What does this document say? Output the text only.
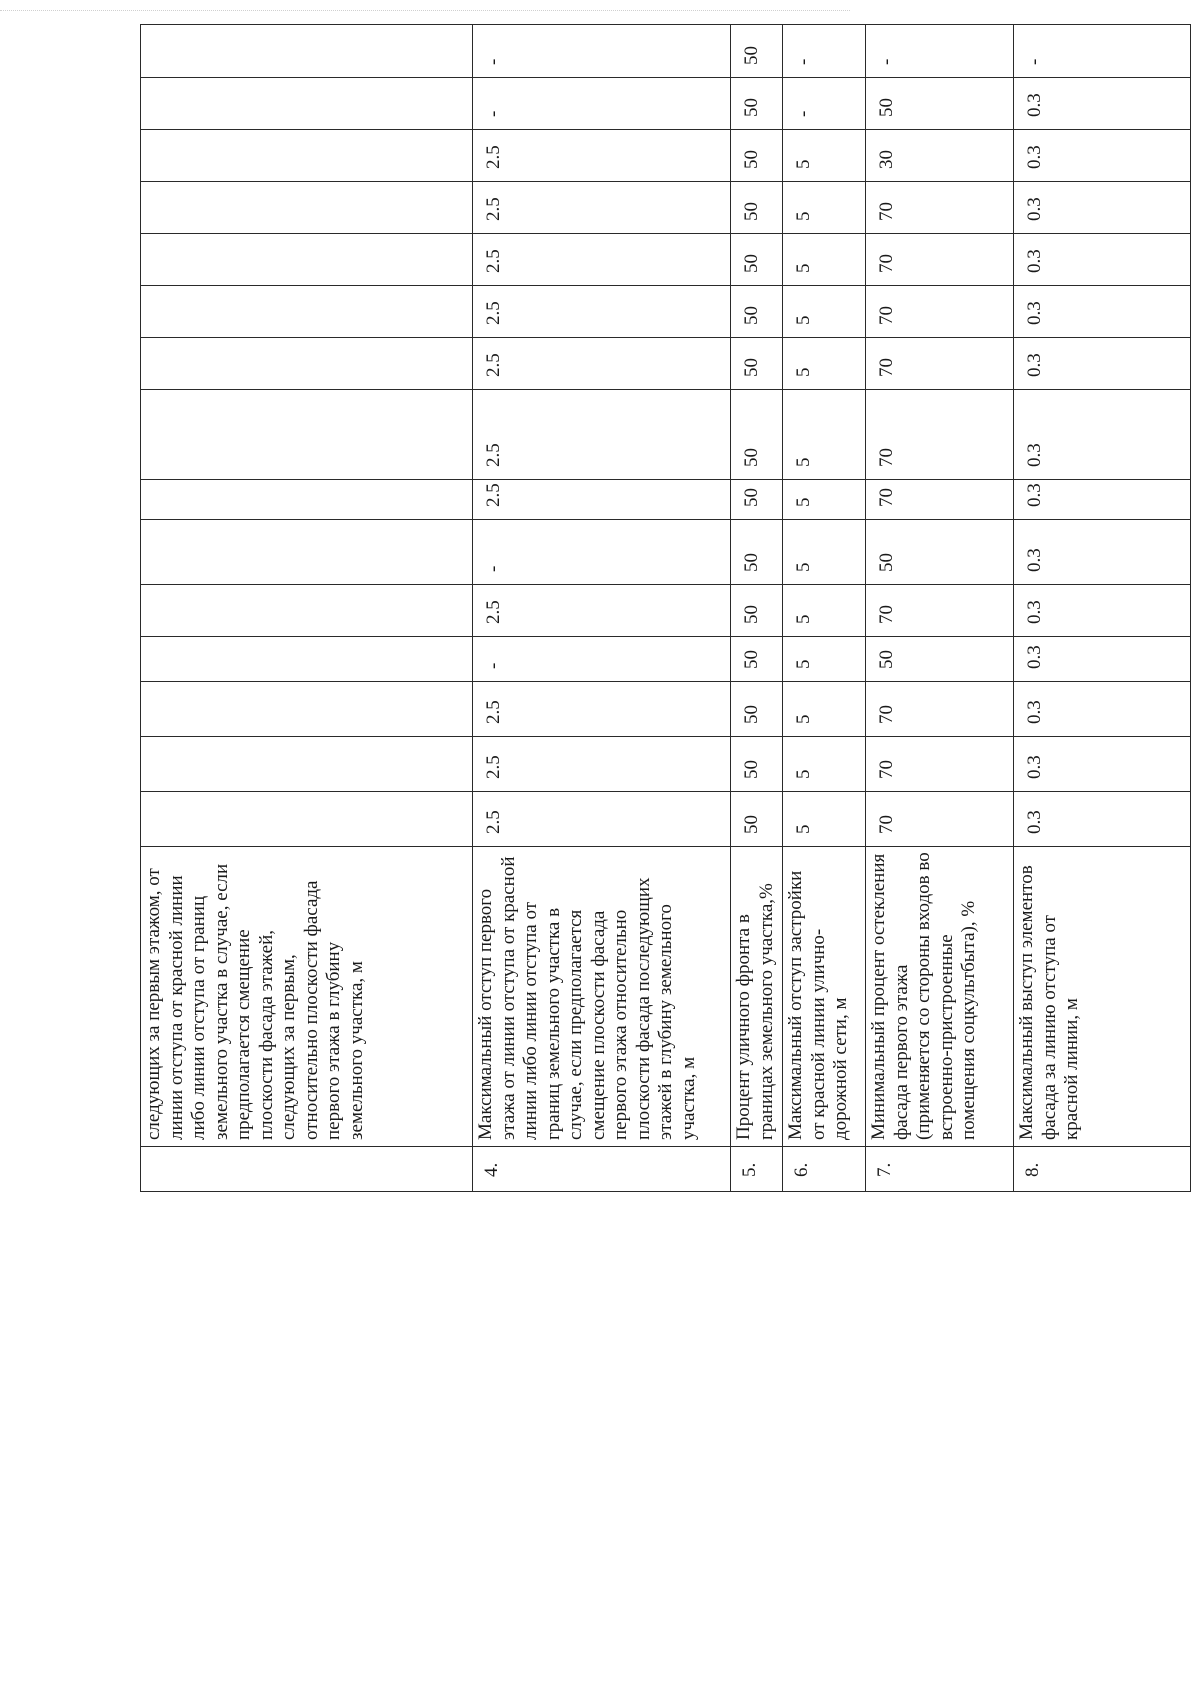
	следующих за первым этажом, от линии отступа от красной линии либо линии отступа от границ земельного участка в случае, если предполагается смещение плоскости фасада этажей, следующих за первым, относительно плоскости фасада первого этажа в глубину земельного участка, м															
4.	Максимальный отступ первого этажа от линии отступа от красной линии либо линии отступа от границ земельного участка в случае, если предполагается смещение плоскости фасада первого этажа относительно плоскости фасада последующих этажей в глубину земельного участка, м	2.5	2.5	2.5	-	2.5	-	2.5	2.5	2.5	2.5	2.5	2.5	2.5	-	-
5.	Процент уличного фронта в границах земельного участка,%	50	50	50	50	50	50	50	50	50	50	50	50	50	50	50
6.	Максимальный отступ застройки от красной линии улично-дорожной сети, м	5	5	5	5	5	5	5	5	5	5	5	5	5	-	-
7.	Минимальный процент остекления фасада первого этажа (применяется со стороны входов во встроенно-пристроенные помещения соцкультбыта), %	70	70	70	50	70	50	70	70	70	70	70	70	30	50	-
8.	Максимальный выступ элементов фасада за линию отступа от красной линии, м	0.3	0.3	0.3	0.3	0.3	0.3	0.3	0.3	0.3	0.3	0.3	0.3	0.3	0.3	-
